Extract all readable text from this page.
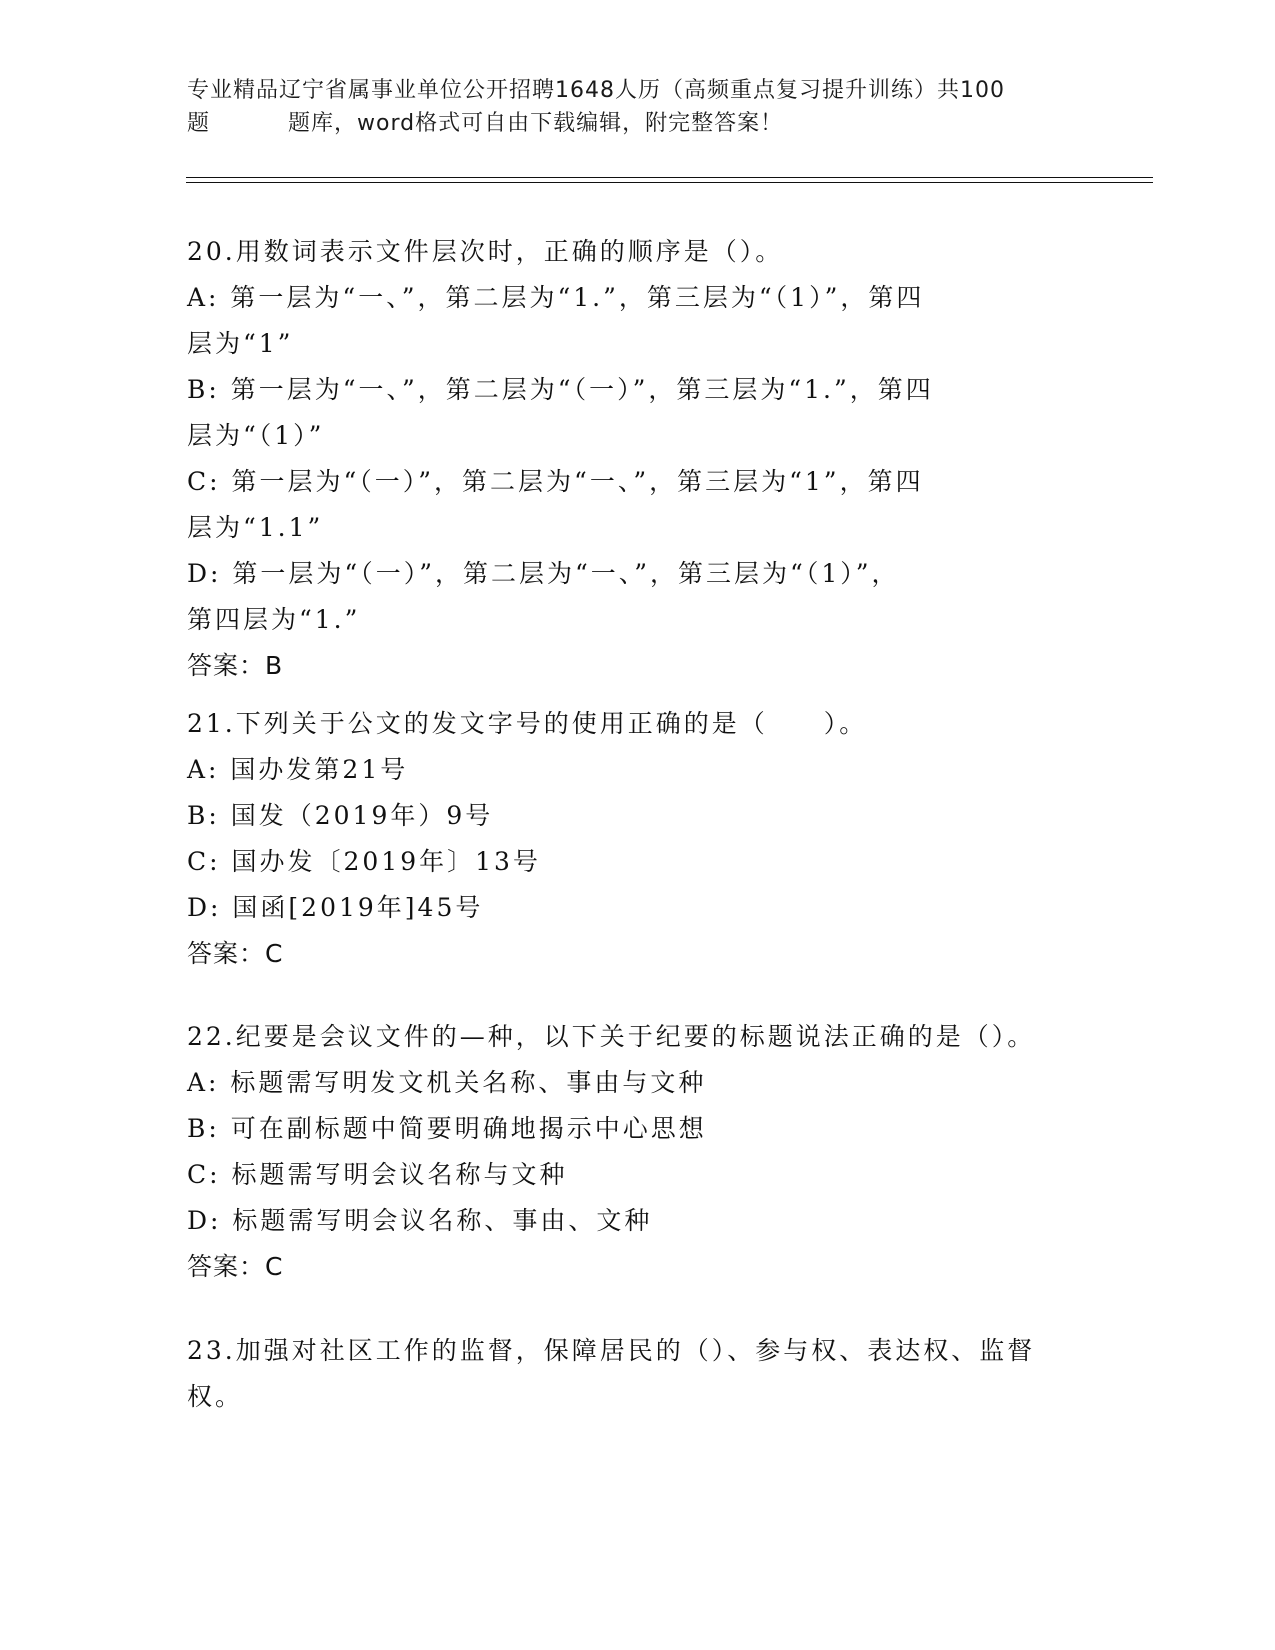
专业精品辽宁省属事业单位公开招聘1648人历（高频重点复习提升训练）共100
题	题库，word格式可自由下载编辑，附完整答案！
20.用数词表示文件层次时，正确的顺序是（）。
A: 第一层为“一、”，第二层为“1.”，第三层为“（1）”，第四
层为“1”
B: 第一层为“一、”，第二层为“（一）”，第三层为“1.”，第四
层为“（1）”
C: 第一层为“（一）”，第二层为“一、”，第三层为“1”，第四
层为“1.1”
D: 第一层为“（一）”，第二层为“一、”，第三层为“（1）”，
第四层为“1.”
答案：B
21.下列关于公文的发文字号的使用正确的是（　　）。
A: 国办发第21号
B: 国发（2019年）9号
C: 国办发〔2019年〕13号
D: 国函[2019年]45号
答案：C
22.纪要是会议文件的—种，以下关于纪要的标题说法正确的是（）。
A: 标题需写明发文机关名称、事由与文种
B: 可在副标题中简要明确地揭示中心思想
C: 标题需写明会议名称与文种
D: 标题需写明会议名称、事由、文种
答案：C
23.加强对社区工作的监督，保障居民的（）、参与权、表达权、监督
权。
